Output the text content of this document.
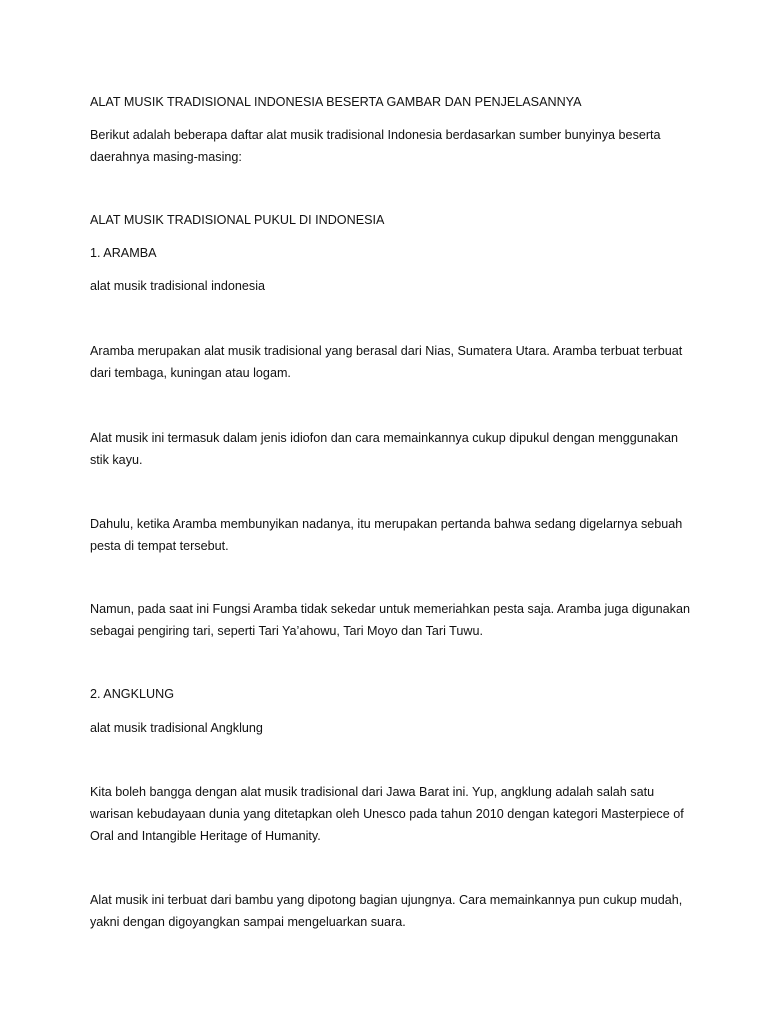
ALAT MUSIK TRADISIONAL INDONESIA BESERTA GAMBAR DAN PENJELASANNYA

Berikut adalah beberapa daftar alat musik tradisional Indonesia berdasarkan sumber bunyinya beserta daerahnya masing-masing:

ALAT MUSIK TRADISIONAL PUKUL DI INDONESIA

1. ARAMBA

alat musik tradisional indonesia

Aramba merupakan alat musik tradisional yang berasal dari Nias, Sumatera Utara. Aramba terbuat terbuat dari tembaga, kuningan atau logam.

Alat musik ini termasuk dalam jenis idiofon dan cara memainkannya cukup dipukul dengan menggunakan stik kayu.

Dahulu, ketika Aramba membunyikan nadanya, itu merupakan pertanda bahwa sedang digelarnya sebuah pesta di tempat tersebut.

Namun, pada saat ini Fungsi Aramba tidak sekedar untuk memeriahkan pesta saja. Aramba juga digunakan sebagai pengiring tari, seperti Tari Ya’ahowu, Tari Moyo dan Tari Tuwu.

2. ANGKLUNG

alat musik tradisional Angklung

Kita boleh bangga dengan alat musik tradisional dari Jawa Barat ini. Yup, angklung adalah salah satu warisan kebudayaan dunia yang ditetapkan oleh Unesco pada tahun 2010 dengan kategori Masterpiece of Oral and Intangible Heritage of Humanity.

Alat musik ini terbuat dari bambu yang dipotong bagian ujungnya. Cara memainkannya pun cukup mudah, yakni dengan digoyangkan sampai mengeluarkan suara.
